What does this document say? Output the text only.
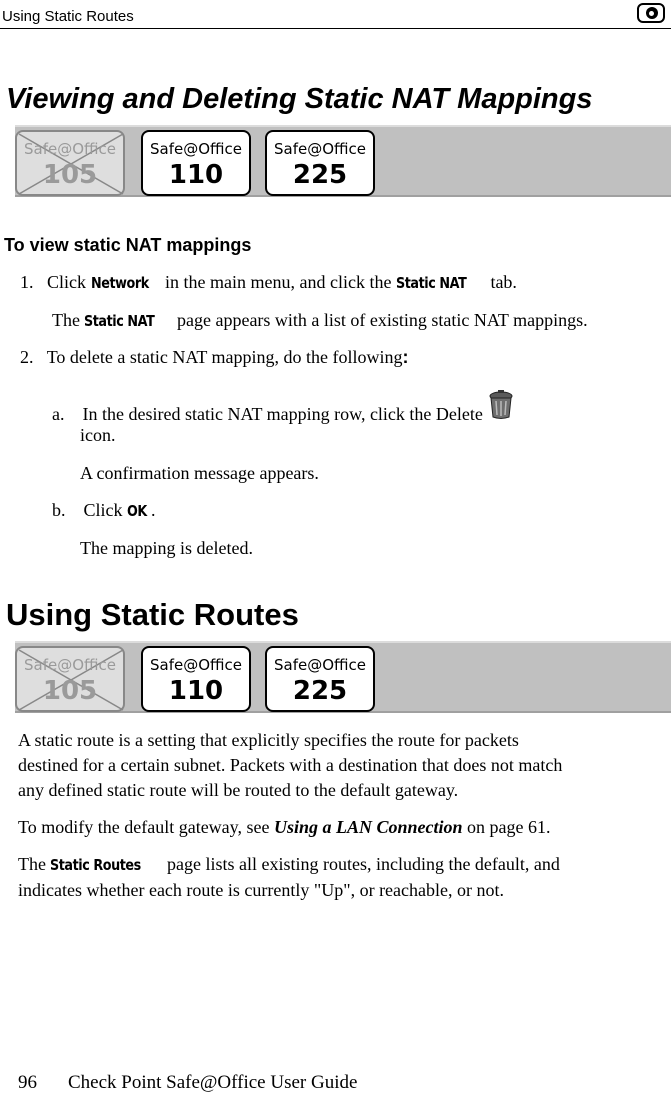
Using Static Routes
Viewing and Deleting Static NAT Mappings
Safe@Office
105
Safe@Office
110
Safe@Office
225
To view static NAT mappings
1. Click Network in the main menu, and click the Static NAT tab.
The Static NAT page appears with a list of existing static NAT mappings.
2. To delete a static NAT mapping, do the following:
a. In the desired static NAT mapping row, click the Delete
icon.
A confirmation message appears.
b. Click OK .
The mapping is deleted.
Using Static Routes
Safe@Office
105
Safe@Office
110
Safe@Office
225
A static route is a setting that explicitly specifies the route for packets
destined for a certain subnet. Packets with a destination that does not match
any defined static route will be routed to the default gateway.
To modify the default gateway, see Using a LAN Connection on page 61.
The Static Routes page lists all existing routes, including the default, and
indicates whether each route is currently "Up", or reachable, or not.
96 Check Point Safe@Office User Guide
